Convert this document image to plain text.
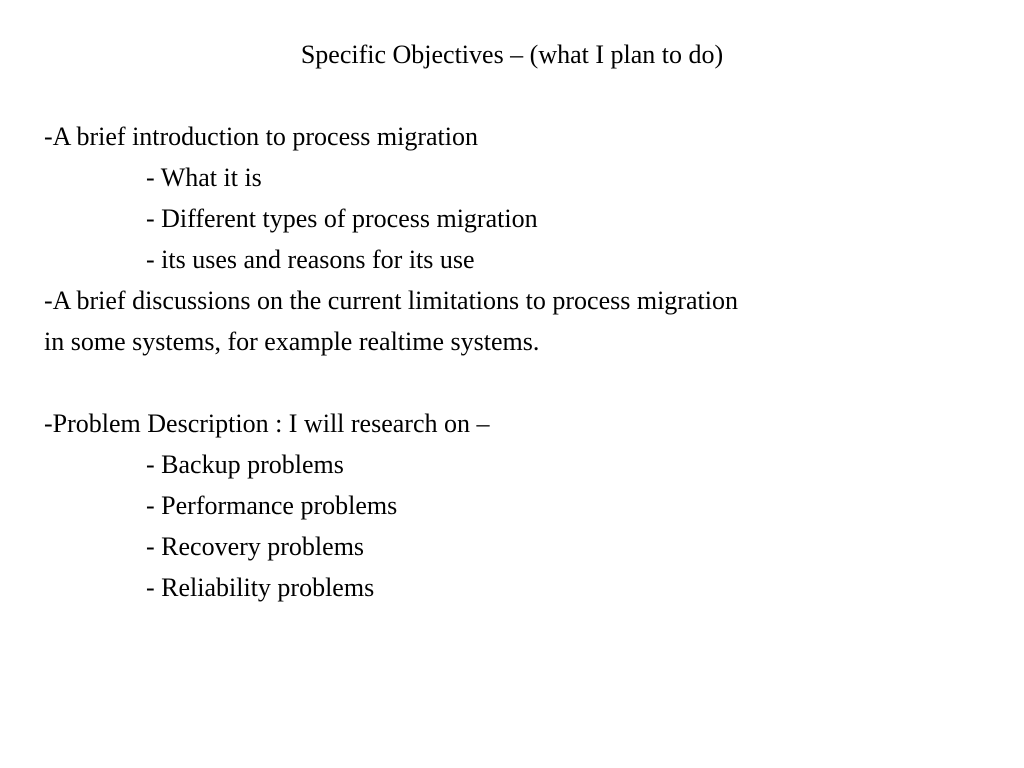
Specific Objectives – (what I plan to do)
-A brief introduction to process migration
- What it is
- Different types of process migration
- its uses and reasons for its use
-A brief discussions on the current limitations to process migration
in some systems, for example realtime systems.
-Problem Description : I will research on –
- Backup problems
- Performance problems
- Recovery problems
- Reliability problems
